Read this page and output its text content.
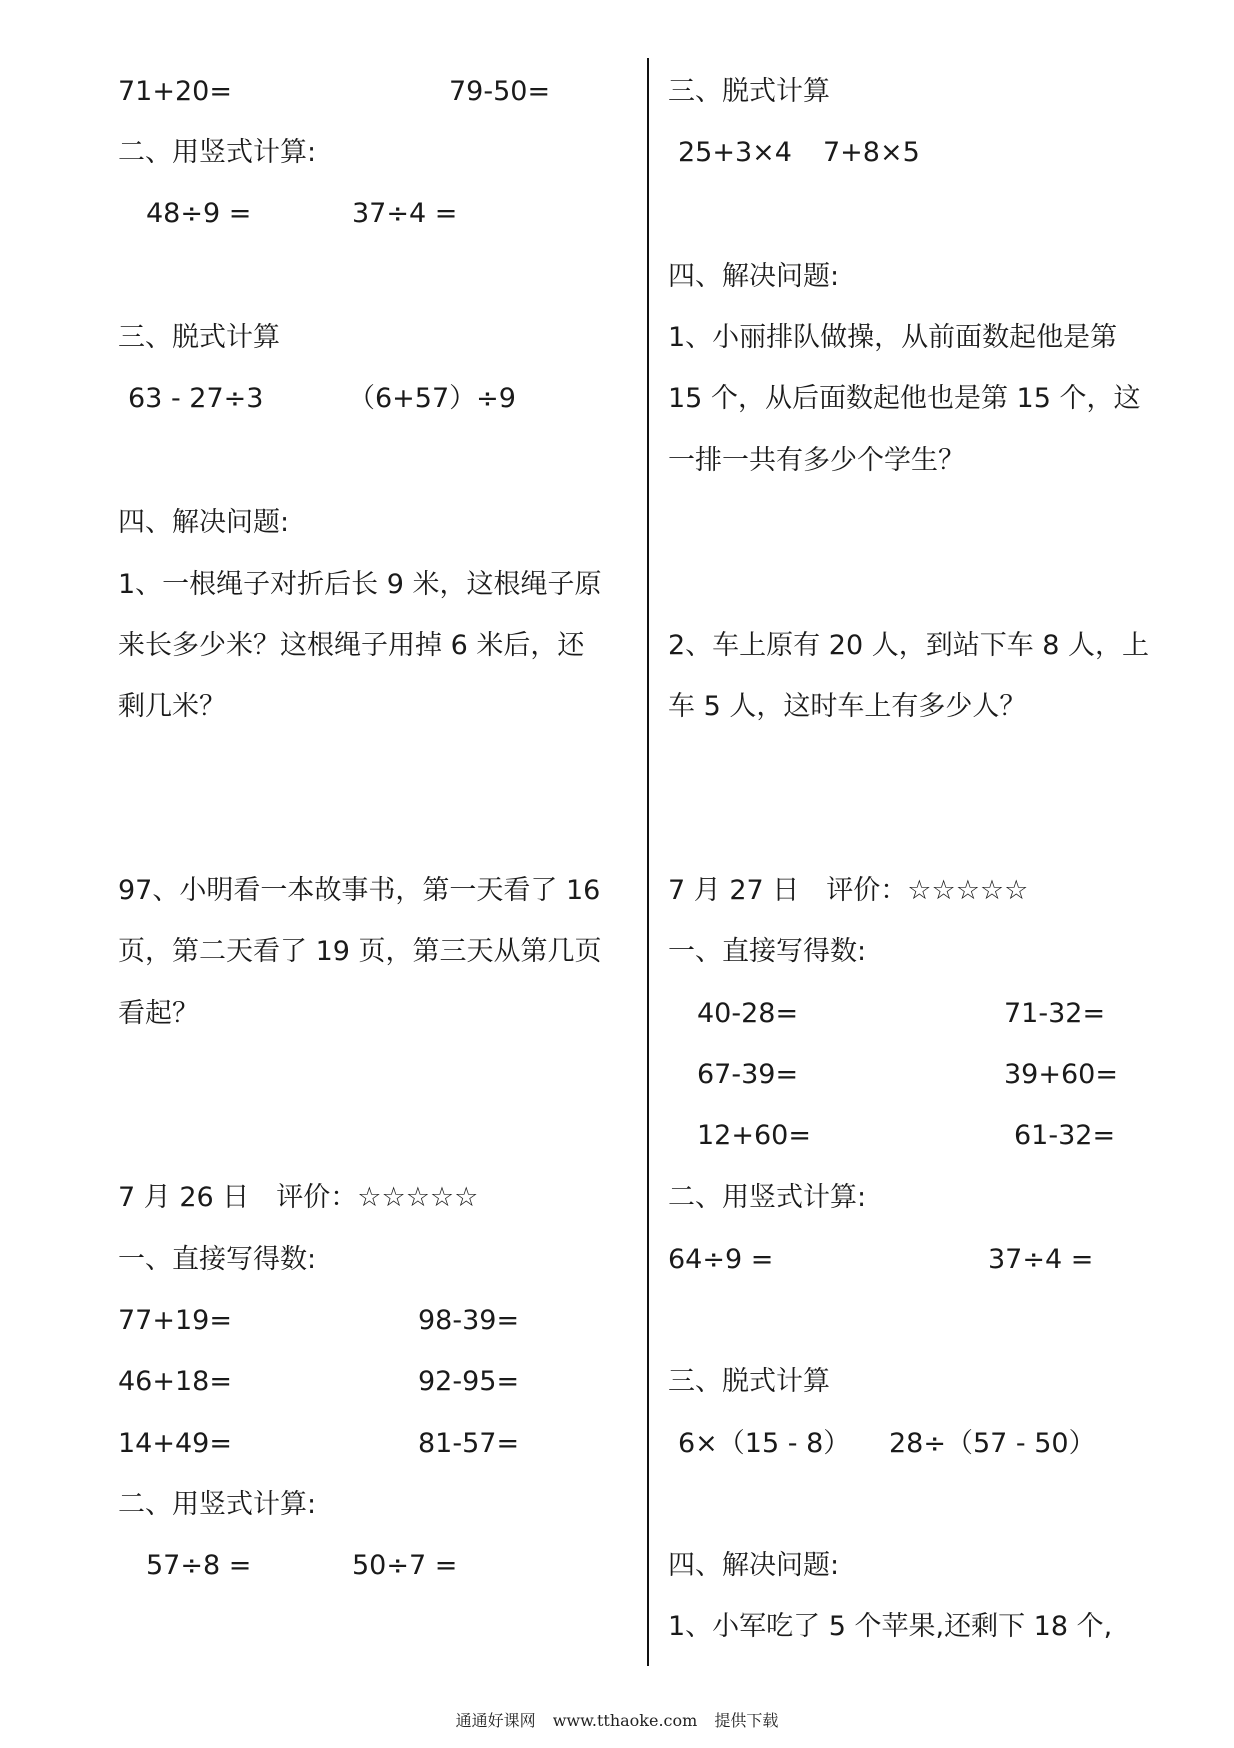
71+20=	79-50=
二、用竖式计算:
48÷9 =	37÷4 =
三、脱式计算
63 - 27÷3	（6+57）÷9
四、解决问题:
1、一根绳子对折后长 9 米，这根绳子原
来长多少米？这根绳子用掉 6 米后，还
剩几米？
97、小明看一本故事书，第一天看了 16
页，第二天看了 19 页，第三天从第几页
看起？
7 月 26 日　评价：☆☆☆☆☆
一、直接写得数:
77+19=	98-39=
46+18=	92-95=
14+49=	81-57=
二、用竖式计算:
57÷8 =	50÷7 =
三、脱式计算
25+3×4 7+8×5
四、解决问题:
1、小丽排队做操，从前面数起他是第
15 个，从后面数起他也是第 15 个，这
一排一共有多少个学生？
2、车上原有 20 人，到站下车 8 人，上
车 5 人，这时车上有多少人？
7 月 27 日　评价：☆☆☆☆☆
一、直接写得数:
40-28=	71-32=
67-39=	39+60=
12+60=	61-32=
二、用竖式计算:
64÷9 =	37÷4 =
三、脱式计算
6×（15 - 8） 28÷（57 - 50）
四、解决问题:
1、小军吃了 5 个苹果,还剩下 18 个,
通通好课网 www.tthaoke.com 提供下载
